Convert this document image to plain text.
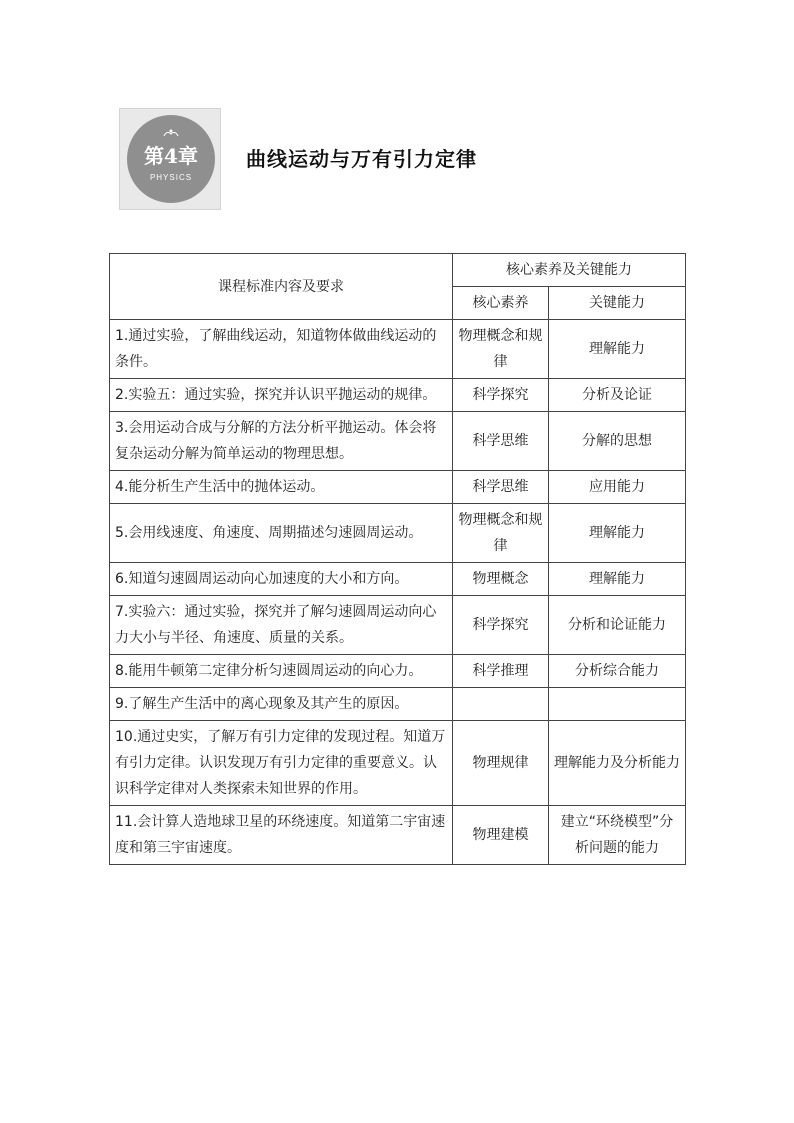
第4章
PHYSICS
曲线运动与万有引力定律
课程标准内容及要求	核心素养及关键能力	
	核心素养	关键能力
1.通过实验，了解曲线运动，知道物体做曲线运动的条件。	物理概念和规律	理解能力
2.实验五：通过实验，探究并认识平抛运动的规律。	科学探究	分析及论证
3.会用运动合成与分解的方法分析平抛运动。体会将复杂运动分解为简单运动的物理思想。	科学思维	分解的思想
4.能分析生产生活中的抛体运动。	科学思维	应用能力
5.会用线速度、角速度、周期描述匀速圆周运动。	物理概念和规律	理解能力
6.知道匀速圆周运动向心加速度的大小和方向。	物理概念	理解能力
7.实验六：通过实验，探究并了解匀速圆周运动向心力大小与半径、角速度、质量的关系。	科学探究	分析和论证能力
8.能用牛顿第二定律分析匀速圆周运动的向心力。	科学推理	分析综合能力
9.了解生产生活中的离心现象及其产生的原因。		
10.通过史实，了解万有引力定律的发现过程。知道万有引力定律。认识发现万有引力定律的重要意义。认识科学定律对人类探索未知世界的作用。	物理规律	理解能力及分析能力
11.会计算人造地球卫星的环绕速度。知道第二宇宙速度和第三宇宙速度。	物理建模	建立“环绕模型”分析问题的能力
